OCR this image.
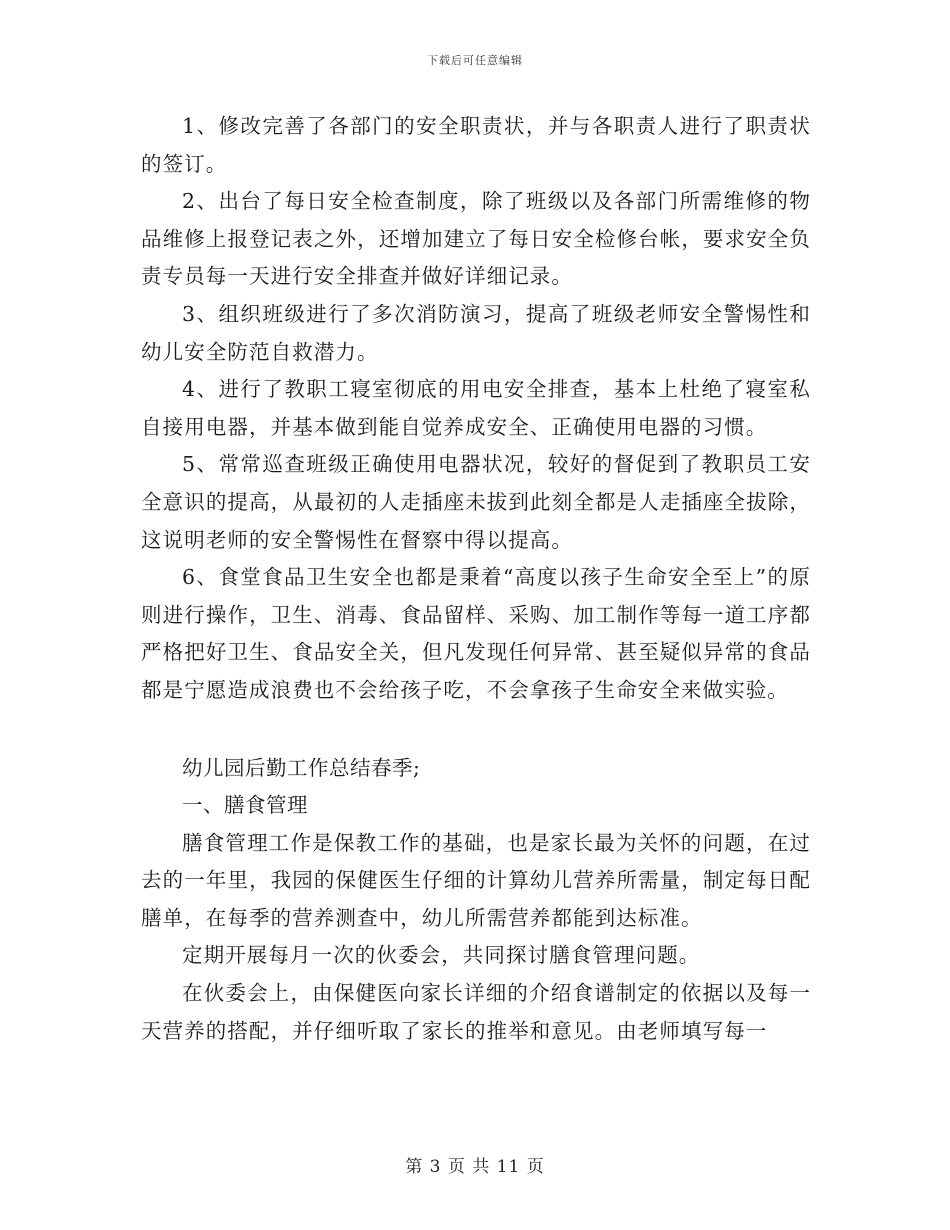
下载后可任意编辑

1、修改完善了各部门的安全职责状，并与各职责人进行了职责状的签订。

2、出台了每日安全检查制度，除了班级以及各部门所需维修的物品维修上报登记表之外，还增加建立了每日安全检修台帐，要求安全负责专员每一天进行安全排查并做好详细记录。

3、组织班级进行了多次消防演习，提高了班级老师安全警惕性和幼儿安全防范自救潜力。

4、进行了教职工寝室彻底的用电安全排查，基本上杜绝了寝室私自接用电器，并基本做到能自觉养成安全、正确使用电器的习惯。

5、常常巡查班级正确使用电器状况，较好的督促到了教职员工安全意识的提高，从最初的人走插座未拔到此刻全都是人走插座全拔除，这说明老师的安全警惕性在督察中得以提高。

6、食堂食品卫生安全也都是秉着“高度以孩子生命安全至上”的原则进行操作，卫生、消毒、食品留样、采购、加工制作等每一道工序都严格把好卫生、食品安全关，但凡发现任何异常、甚至疑似异常的食品都是宁愿造成浪费也不会给孩子吃，不会拿孩子生命安全来做实验。

幼儿园后勤工作总结春季;

一、膳食管理

膳食管理工作是保教工作的基础，也是家长最为关怀的问题，在过去的一年里，我园的保健医生仔细的计算幼儿营养所需量，制定每日配膳单，在每季的营养测查中，幼儿所需营养都能到达标准。

定期开展每月一次的伙委会，共同探讨膳食管理问题。

在伙委会上，由保健医向家长详细的介绍食谱制定的依据以及每一天营养的搭配，并仔细听取了家长的推举和意见。由老师填写每一

第 3 页 共 11 页
